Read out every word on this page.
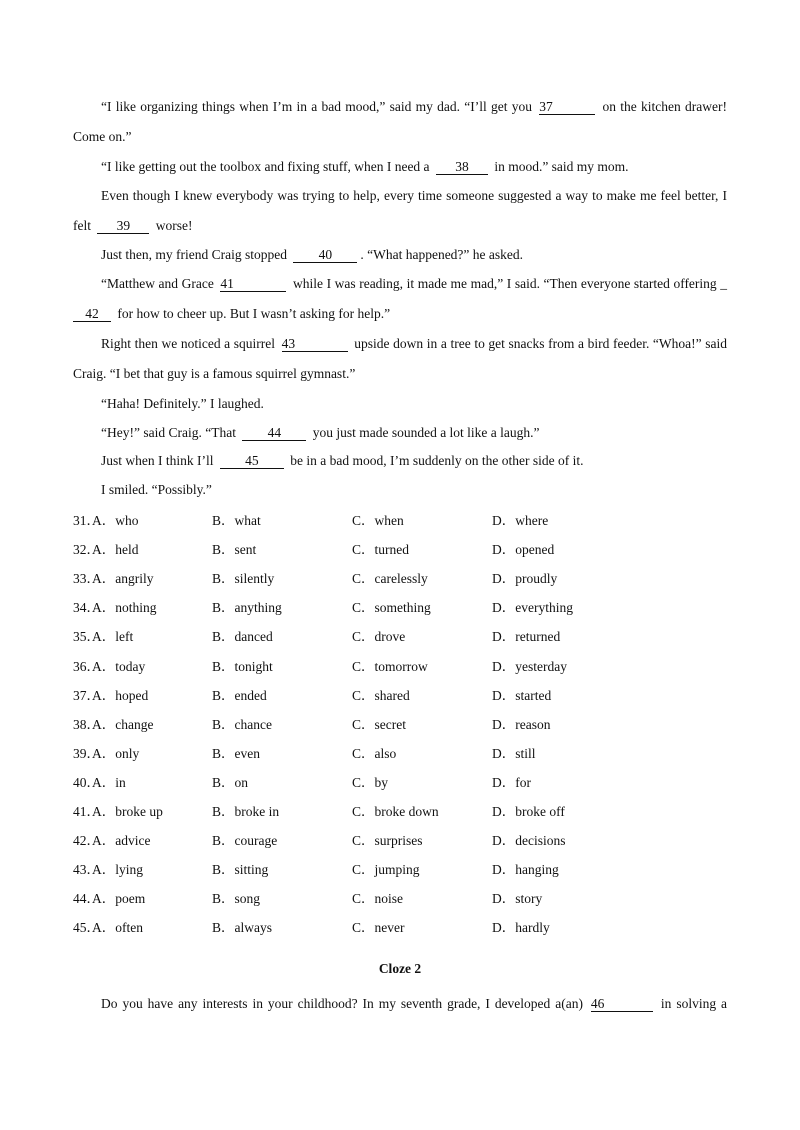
“I like organizing things when I’m in a bad mood,” said my dad. “I’ll get you 37	on the kitchen drawer!
Come on.”
“I like getting out the toolbox and fixing stuff, when I need a 38 in mood.” said my mom.
Even though I knew everybody was trying to help, every time someone suggested a way to make me feel better, I
felt 39 worse!
Just then, my friend Craig stopped 40 . “What happened?” he asked.
“Matthew and Grace 41	while I was reading, it made me mad,” I said. “Then everyone started offering _
42 for how to cheer up. But I wasn’t asking for help.”
Right then we noticed a squirrel 43	upside down in a tree to get snacks from a bird feeder. “Whoa!” said
Craig. “I bet that guy is a famous squirrel gymnast.”
“Haha! Definitely.” I laughed.
“Hey!” said Craig. “That 44 you just made sounded a lot like a laugh.”
Just when I think I’ll 45 be in a bad mood, I’m suddenly on the other side of it.
I smiled. “Possibly.”
31．
A．who	B．what	C．when	D．where
32．
A．held	B．sent	C．turned	D．opened
33．
A．angrily	B．silently	C．carelessly	D．proudly
34．
A．nothing	B．anything	C．something	D．everything
35．
A．left	B．danced	C．drove	D．returned
36．
A．today	B．tonight	C．tomorrow	D．yesterday
37．
A．hoped	B．ended	C．shared	D．started
38．
A．change	B．chance	C．secret	D．reason
39．
A．only	B．even	C．also	D．still
40．
A．in	B．on	C．by	D．for
41．
A．broke up	B．broke in	C．broke down	D．broke off
42．
A．advice	B．courage	C．surprises	D．decisions
43．
A．lying	B．sitting	C．jumping	D．hanging
44．
A．poem	B．song	C．noise	D．story
45．
A．often	B．always	C．never	D．hardly
Cloze 2
Do you have any interests in your childhood? In my seventh grade, I developed a(an) 46	in solving a
